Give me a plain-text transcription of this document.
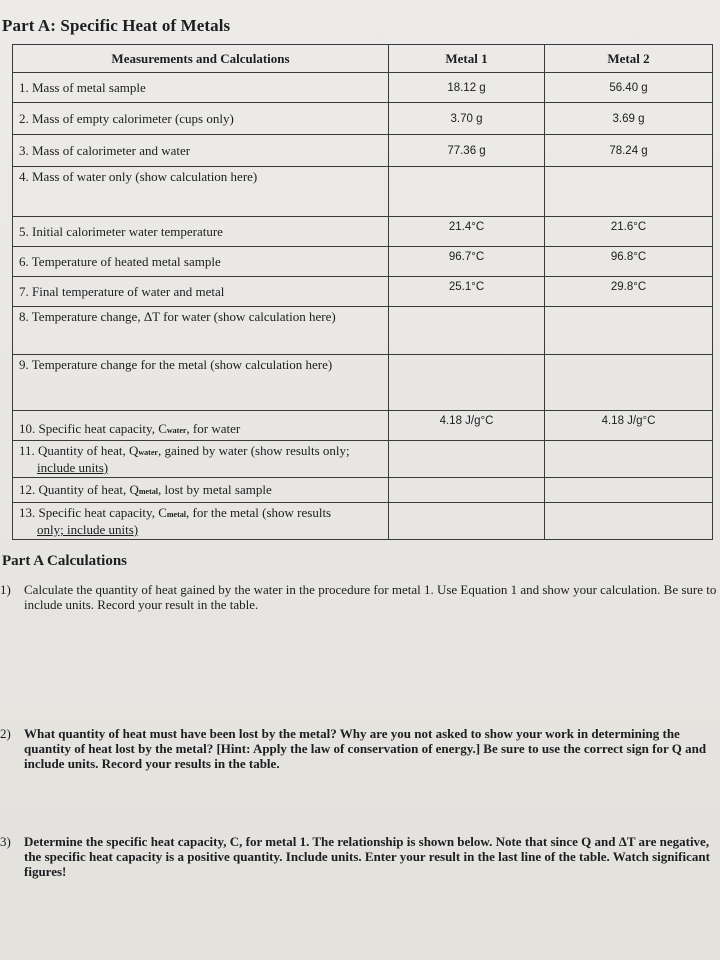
Part A: Specific Heat of Metals
Measurements and Calculations	Metal 1	Metal 2
1. Mass of metal sample	18.12 g	56.40 g
2. Mass of empty calorimeter (cups only)	3.70 g	3.69 g
3. Mass of calorimeter and water	77.36 g	78.24 g
4. Mass of water only (show calculation here)		
5. Initial calorimeter water temperature	21.4°C	21.6°C
6. Temperature of heated metal sample	96.7°C	96.8°C
7. Final temperature of water and metal	25.1°C	29.8°C
8. Temperature change, ΔT for water (show calculation here)		
9. Temperature change for the metal (show calculation here)		
10. Specific heat capacity, Cwater, for water	4.18 J/g°C	4.18 J/g°C
11. Quantity of heat, Qwater, gained by water (show results only;
include units)		
12. Quantity of heat, Qmetal, lost by metal sample		
13. Specific heat capacity, Cmetal, for the metal (show results
only; include units)		
Part A Calculations
1) Calculate the quantity of heat gained by the water in the procedure for metal 1. Use Equation 1 and show your calculation. Be sure to include units. Record your result in the table.
2) What quantity of heat must have been lost by the metal? Why are you not asked to show your work in determining the quantity of heat lost by the metal? [Hint: Apply the law of conservation of energy.] Be sure to use the correct sign for Q and include units. Record your results in the table.
3) Determine the specific heat capacity, C, for metal 1. The relationship is shown below. Note that since Q and ΔT are negative, the specific heat capacity is a positive quantity. Include units. Enter your result in the last line of the table. Watch significant figures!
